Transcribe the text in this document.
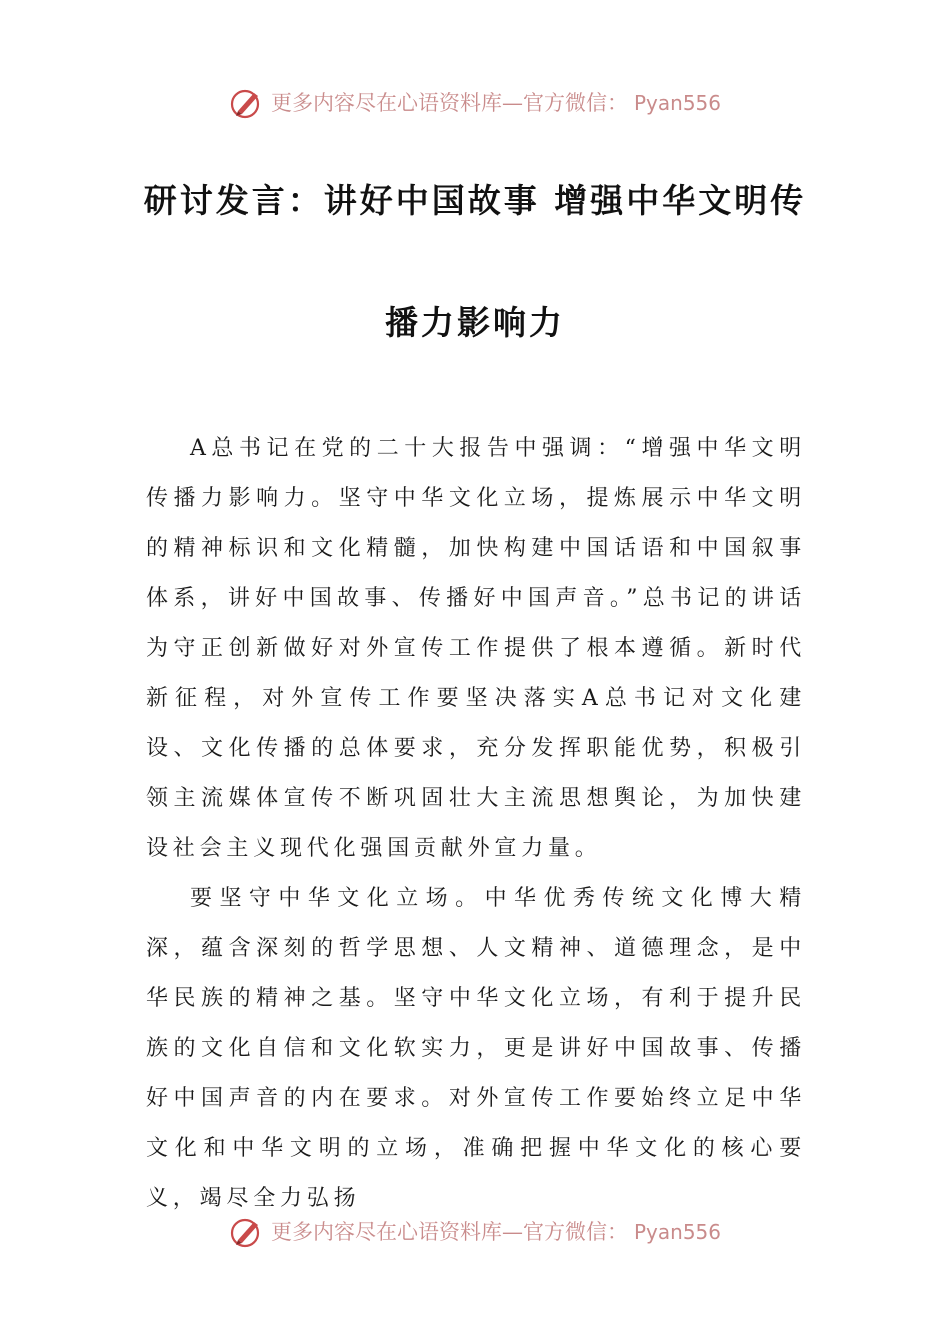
更多内容尽在心语资料库—官方微信： Pyan556
研讨发言：讲好中国故事 增强中华文明传
播力影响力

A总书记在党的二十大报告中强调：“增强中华文明传播力影响力。坚守中华文化立场，提炼展示中华文明的精神标识和文化精髓，加快构建中国话语和中国叙事体系，讲好中国故事、传播好中国声音。”总书记的讲话为守正创新做好对外宣传工作提供了根本遵循。新时代新征程，对外宣传工作要坚决落实A总书记对文化建设、文化传播的总体要求，充分发挥职能优势，积极引领主流媒体宣传不断巩固壮大主流思想舆论，为加快建设社会主义现代化强国贡献外宣力量。

要坚守中华文化立场。中华优秀传统文化博大精深，蕴含深刻的哲学思想、人文精神、道德理念，是中华民族的精神之基。坚守中华文化立场，有利于提升民族的文化自信和文化软实力，更是讲好中国故事、传播好中国声音的内在要求。对外宣传工作要始终立足中华文化和中华文明的立场，准确把握中华文化的核心要义，竭尽全力弘扬

更多内容尽在心语资料库—官方微信： Pyan556
